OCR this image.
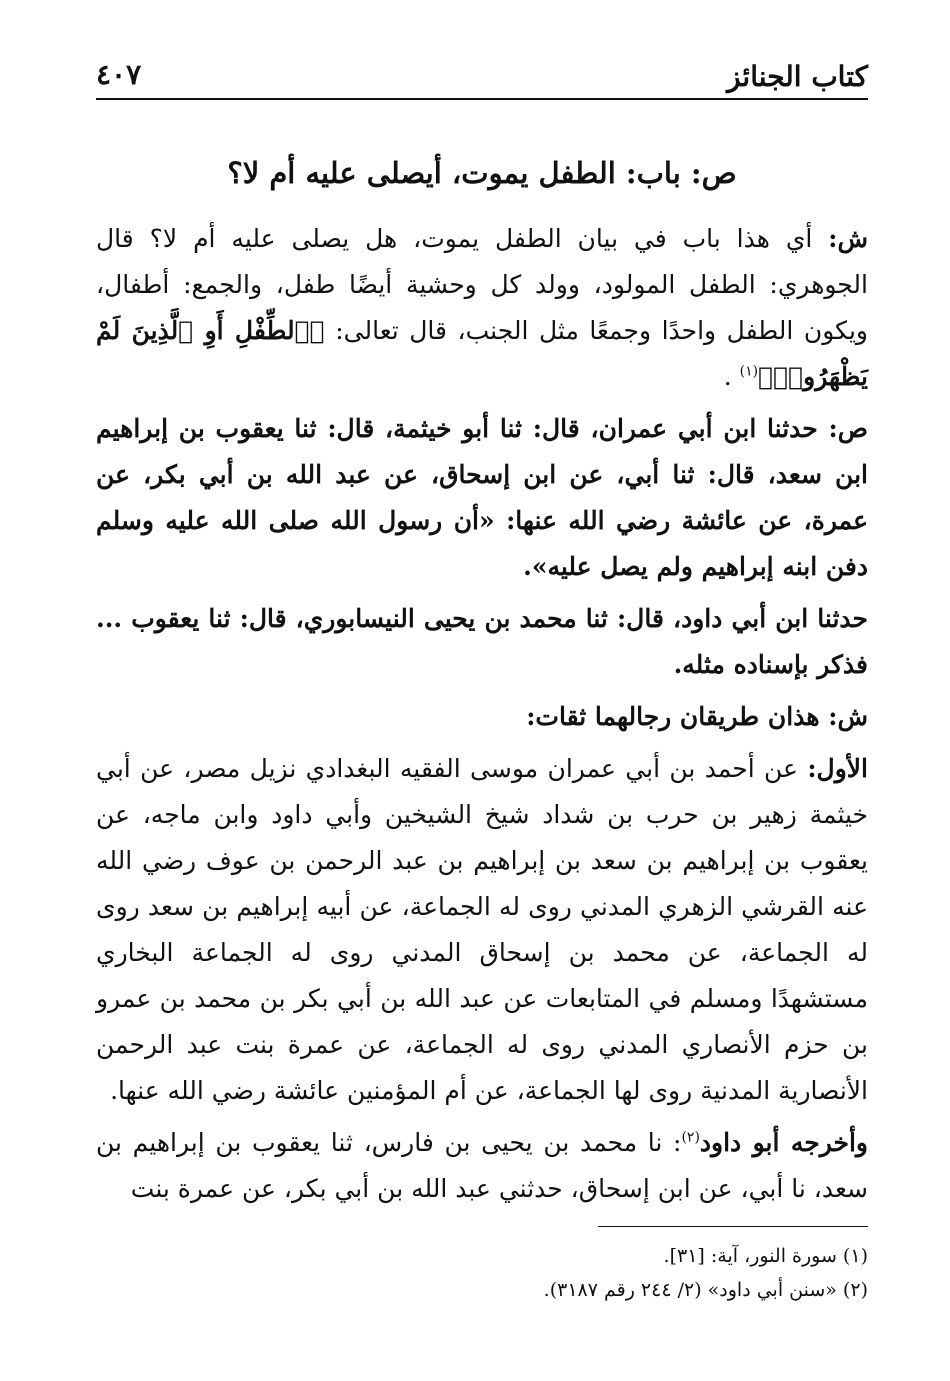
كتاب الجنائز
٤٠٧
ص: باب: الطفل يموت، أيصلى عليه أم لا؟

ش: أي هذا باب في بيان الطفل يموت، هل يصلى عليه أم لا؟ قال الجوهري: الطفل المولود، وولد كل وحشية أيضًا طفل، والجمع: أطفال، ويكون الطفل واحدًا وجمعًا مثل الجنب، قال تعالى: ﴿ٱلطِّفْلِ أَوِ ٱلَّذِينَ لَمْ يَظْهَرُوا۟﴾$^{(١)}$ .

ص: حدثنا ابن أبي عمران، قال: ثنا أبو خيثمة، قال: ثنا يعقوب بن إبراهيم ابن سعد، قال: ثنا أبي، عن ابن إسحاق، عن عبد الله بن أبي بكر، عن عمرة، عن عائشة رضي الله عنها: «أن رسول الله صلى الله عليه وسلم دفن ابنه إبراهيم ولم يصل عليه».

حدثنا ابن أبي داود، قال: ثنا محمد بن يحيى النيسابوري، قال: ثنا يعقوب ... فذكر بإسناده مثله.

ش: هذان طريقان رجالهما ثقات:

الأول: عن أحمد بن أبي عمران موسى الفقيه البغدادي نزيل مصر، عن أبي خيثمة زهير بن حرب بن شداد شيخ الشيخين وأبي داود وابن ماجه، عن يعقوب بن إبراهيم بن سعد بن إبراهيم بن عبد الرحمن بن عوف رضي الله عنه القرشي الزهري المدني روى له الجماعة، عن أبيه إبراهيم بن سعد روى له الجماعة، عن محمد بن إسحاق المدني روى له الجماعة البخاري مستشهدًا ومسلم في المتابعات عن عبد الله بن أبي بكر بن محمد بن عمرو بن حزم الأنصاري المدني روى له الجماعة، عن عمرة بنت عبد الرحمن الأنصارية المدنية روى لها الجماعة، عن أم المؤمنين عائشة رضي الله عنها.

وأخرجه أبو داود$^{(٢)}$: نا محمد بن يحيى بن فارس، ثنا يعقوب بن إبراهيم بن سعد، نا أبي، عن ابن إسحاق، حدثني عبد الله بن أبي بكر، عن عمرة بنت

(١) سورة النور، آية: [٣١].

(٢) «سنن أبي داود» (٢/ ٢٤٤ رقم ٣١٨٧).
